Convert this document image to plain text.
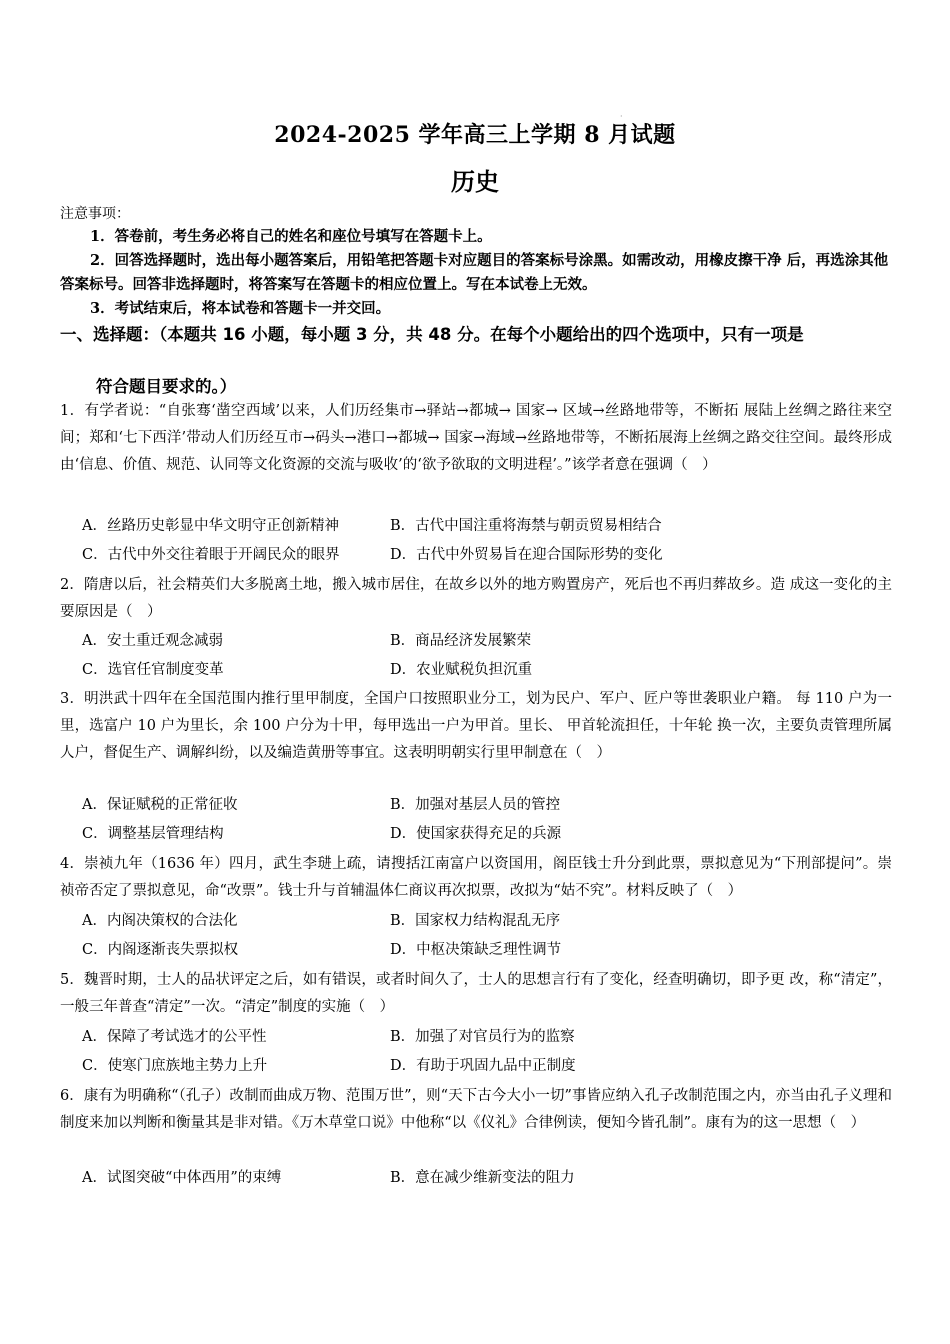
·
2024-2025 学年高三上学期 8 月试题
历史
注意事项：
1．答卷前，考生务必将自己的姓名和座位号填写在答题卡上。
2．回答选择题时，选出每小题答案后，用铅笔把答题卡对应题目的答案标号涂黑。如需改动，用橡皮擦干净 后，再选涂其他答案标号。回答非选择题时，将答案写在答题卡的相应位置上。写在本试卷上无效。
3．考试结束后，将本试卷和答题卡一并交回。
一、选择题：（本题共 16 小题，每小题 3 分，共 48 分。在每个小题给出的四个选项中，只有一项是
符合题目要求的。）
1．有学者说：“自张骞‘凿空西域’以来，人们历经集市→驿站→都城→ 国家→ 区域→丝路地带等，不断拓 展陆上丝绸之路往来空间；郑和‘七下西洋’带动人们历经互市→码头→港口→都城→ 国家→海域→丝路地带等，不断拓展海上丝绸之路交往空间。最终形成由‘信息、价值、规范、认同等文化资源的交流与吸收’的‘欲予欲取的文明进程’。”该学者意在强调（　）
A．丝路历史彰显中华文明守正创新精神	B．古代中国注重将海禁与朝贡贸易相结合
C．古代中外交往着眼于开阔民众的眼界	D．古代中外贸易旨在迎合国际形势的变化
2．隋唐以后，社会精英们大多脱离土地，搬入城市居住，在故乡以外的地方购置房产，死后也不再归葬故乡。造 成这一变化的主要原因是（　）
A．安土重迁观念减弱	B．商品经济发展繁荣
C．选官任官制度变革	D．农业赋税负担沉重
3．明洪武十四年在全国范围内推行里甲制度，全国户口按照职业分工，划为民户、军户、匠户等世袭职业户籍。 每 110 户为一里，选富户 10 户为里长，余 100 户分为十甲，每甲选出一户为甲首。里长、 甲首轮流担任，十年轮 换一次，主要负责管理所属人户，督促生产、调解纠纷，以及编造黄册等事宜。这表明明朝实行里甲制意在（　）
A．保证赋税的正常征收	B．加强对基层人员的管控
C．调整基层管理结构	D．使国家获得充足的兵源
4．崇祯九年（1636 年）四月，武生李琎上疏，请搜括江南富户以资国用，阁臣钱士升分到此票，票拟意见为“下刑部提问”。崇祯帝否定了票拟意见，命“改票”。钱士升与首辅温体仁商议再次拟票，改拟为“姑不究”。材料反映了（　）
A．内阁决策权的合法化	B．国家权力结构混乱无序
C．内阁逐渐丧失票拟权	D．中枢决策缺乏理性调节
5．魏晋时期，士人的品状评定之后，如有错误，或者时间久了，士人的思想言行有了变化，经查明确切，即予更 改，称“清定”，一般三年普查“清定”一次。“清定”制度的实施（　）
A．保障了考试选才的公平性	B．加强了对官员行为的监察
C．使寒门庶族地主势力上升	D．有助于巩固九品中正制度
6．康有为明确称“（孔子）改制而曲成万物、范围万世”，则“天下古今大小一切”事皆应纳入孔子改制范围之内，亦当由孔子义理和制度来加以判断和衡量其是非对错。《万木草堂口说》中他称“以《仪礼》合律例读，便知今皆孔制”。康有为的这一思想（　）
A．试图突破“中体西用”的束缚	B．意在减少维新变法的阻力
